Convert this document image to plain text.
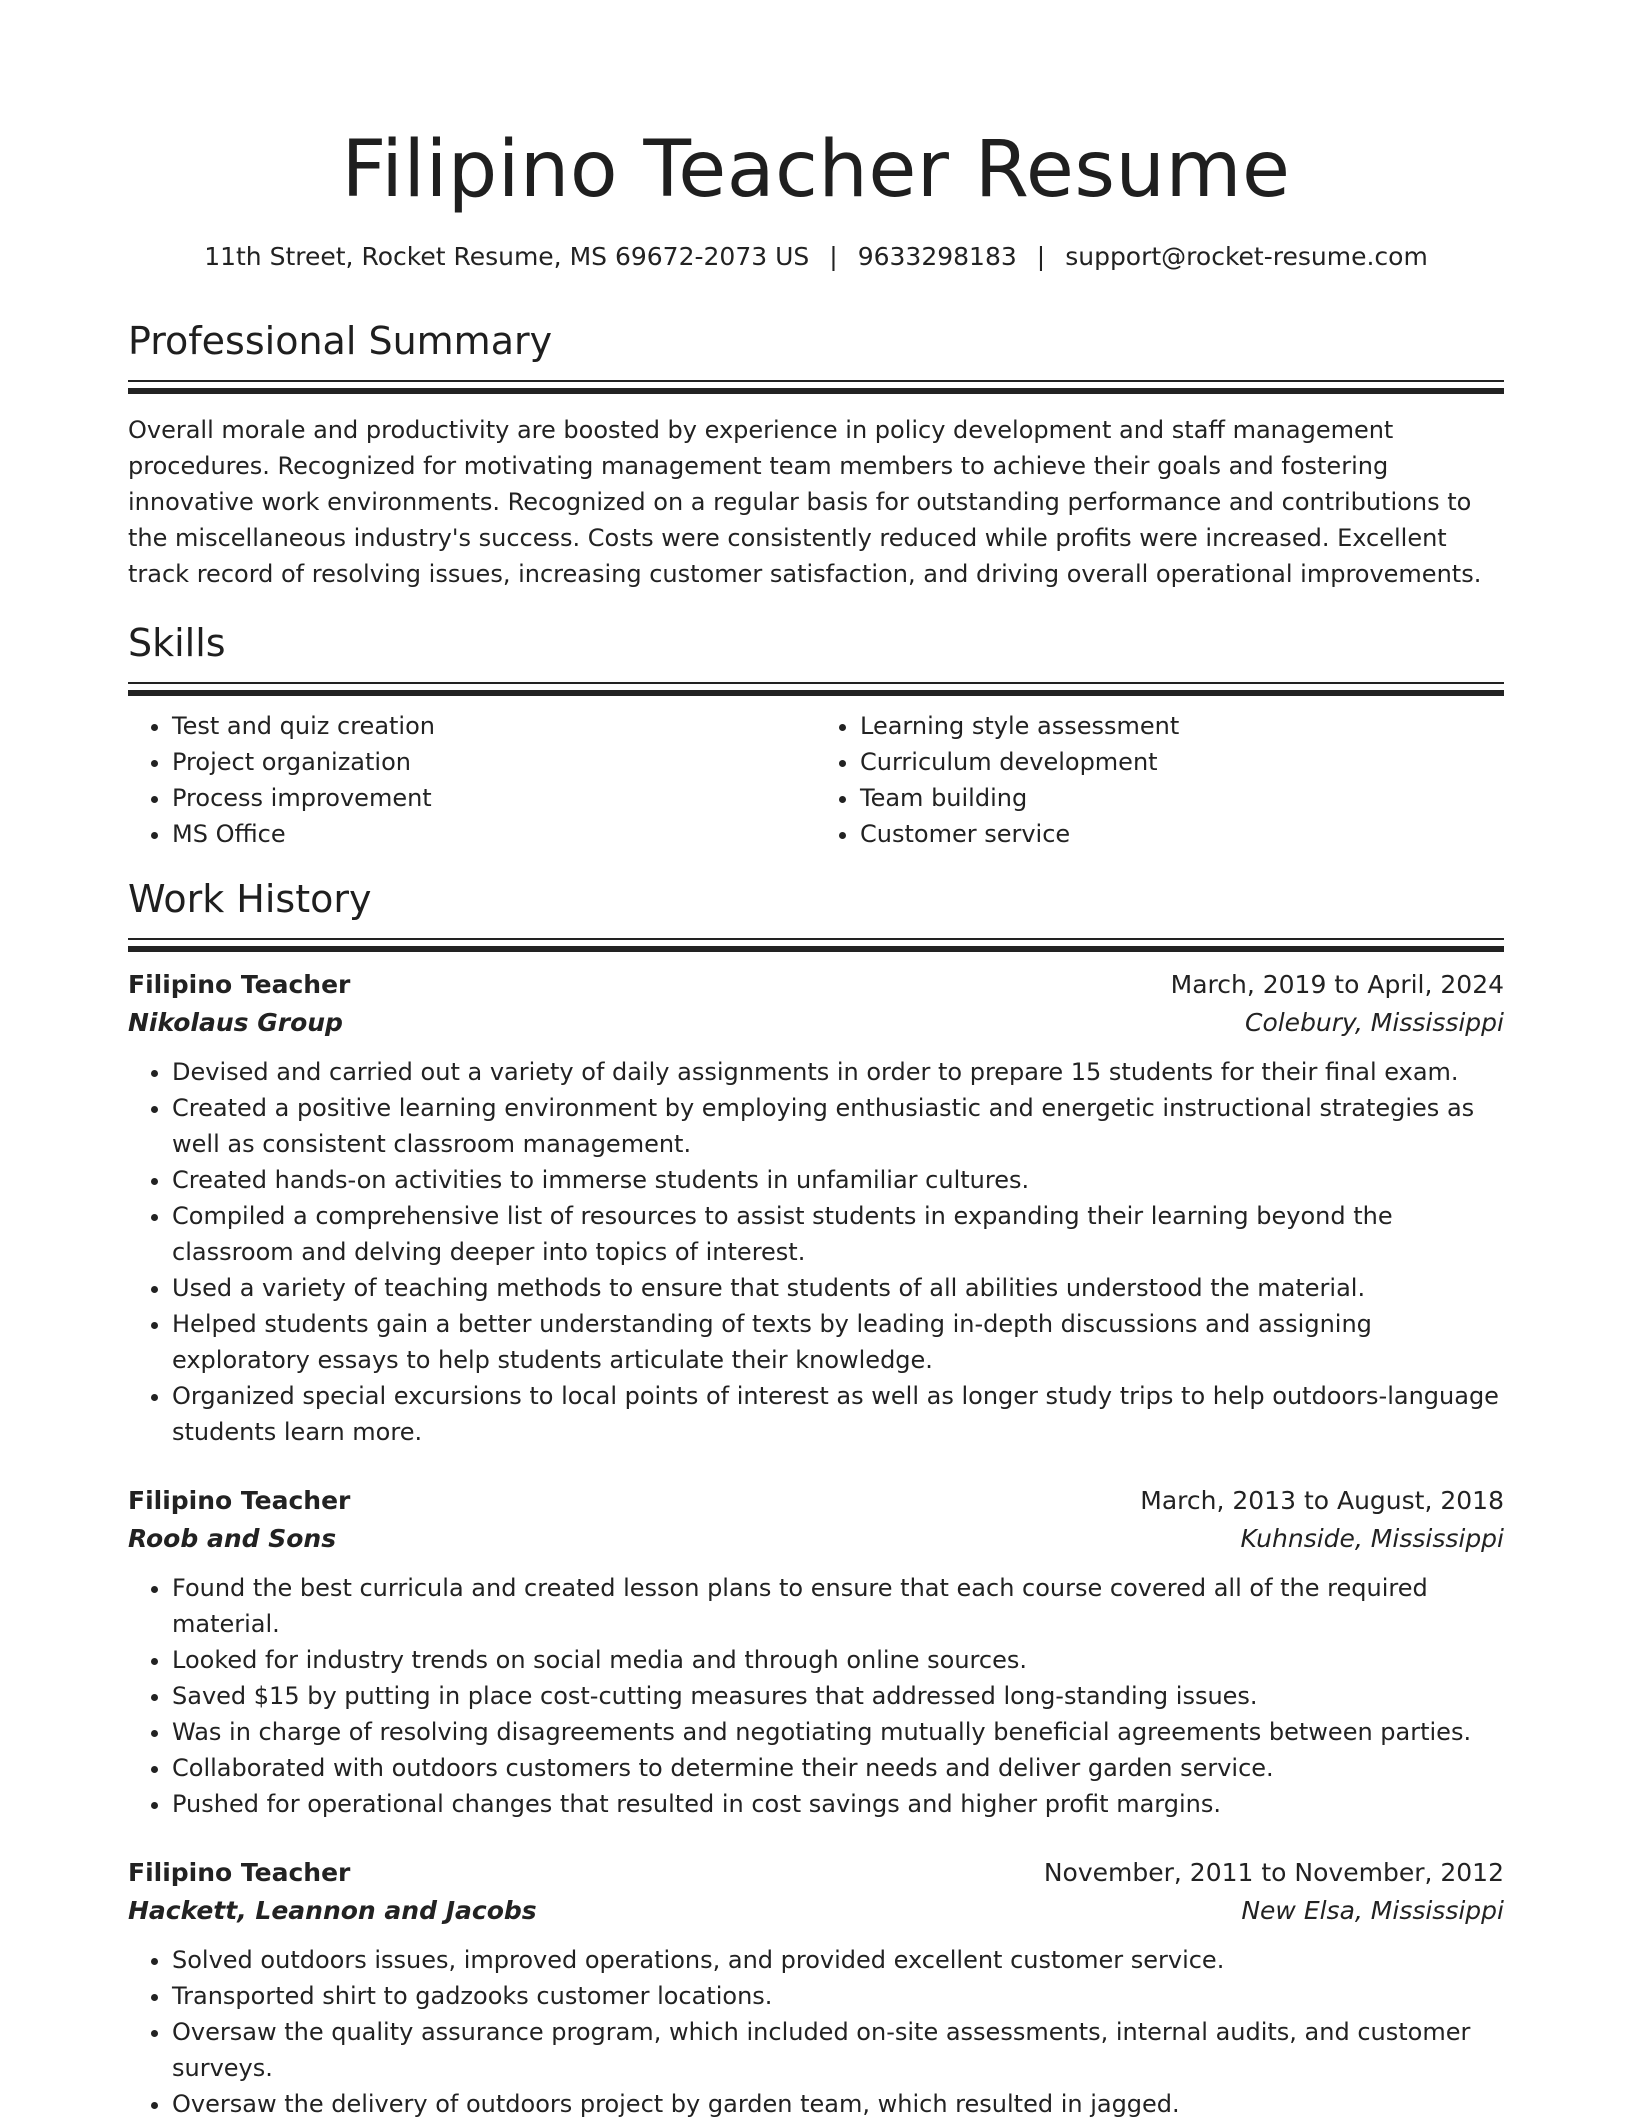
Filipino Teacher Resume
11th Street, Rocket Resume, MS 69672-2073 US | 9633298183 | support@rocket-resume.com
Professional Summary

Overall morale and productivity are boosted by experience in policy development and staff management procedures. Recognized for motivating management team members to achieve their goals and fostering innovative work environments. Recognized on a regular basis for outstanding performance and contributions to the miscellaneous industry's success. Costs were consistently reduced while profits were increased. Excellent track record of resolving issues, increasing customer satisfaction, and driving overall operational improvements.

Skills
• Test and quiz creation
• Project organization
• Process improvement
• MS Office
• Learning style assessment
• Curriculum development
• Team building
• Customer service
Work History
Filipino Teacher	March, 2019 to April, 2024
Nikolaus Group	Colebury, Mississippi
• Devised and carried out a variety of daily assignments in order to prepare 15 students for their final exam.
• Created a positive learning environment by employing enthusiastic and energetic instructional strategies as well as consistent classroom management.
• Created hands-on activities to immerse students in unfamiliar cultures.
• Compiled a comprehensive list of resources to assist students in expanding their learning beyond the classroom and delving deeper into topics of interest.
• Used a variety of teaching methods to ensure that students of all abilities understood the material.
• Helped students gain a better understanding of texts by leading in-depth discussions and assigning exploratory essays to help students articulate their knowledge.
• Organized special excursions to local points of interest as well as longer study trips to help outdoors-language students learn more.
Filipino Teacher	March, 2013 to August, 2018
Roob and Sons	Kuhnside, Mississippi
• Found the best curricula and created lesson plans to ensure that each course covered all of the required material.
• Looked for industry trends on social media and through online sources.
• Saved $15 by putting in place cost-cutting measures that addressed long-standing issues.
• Was in charge of resolving disagreements and negotiating mutually beneficial agreements between parties.
• Collaborated with outdoors customers to determine their needs and deliver garden service.
• Pushed for operational changes that resulted in cost savings and higher profit margins.
Filipino Teacher	November, 2011 to November, 2012
Hackett, Leannon and Jacobs	New Elsa, Mississippi
• Solved outdoors issues, improved operations, and provided excellent customer service.
• Transported shirt to gadzooks customer locations.
• Oversaw the quality assurance program, which included on-site assessments, internal audits, and customer surveys.
• Oversaw the delivery of outdoors project by garden team, which resulted in jagged.
